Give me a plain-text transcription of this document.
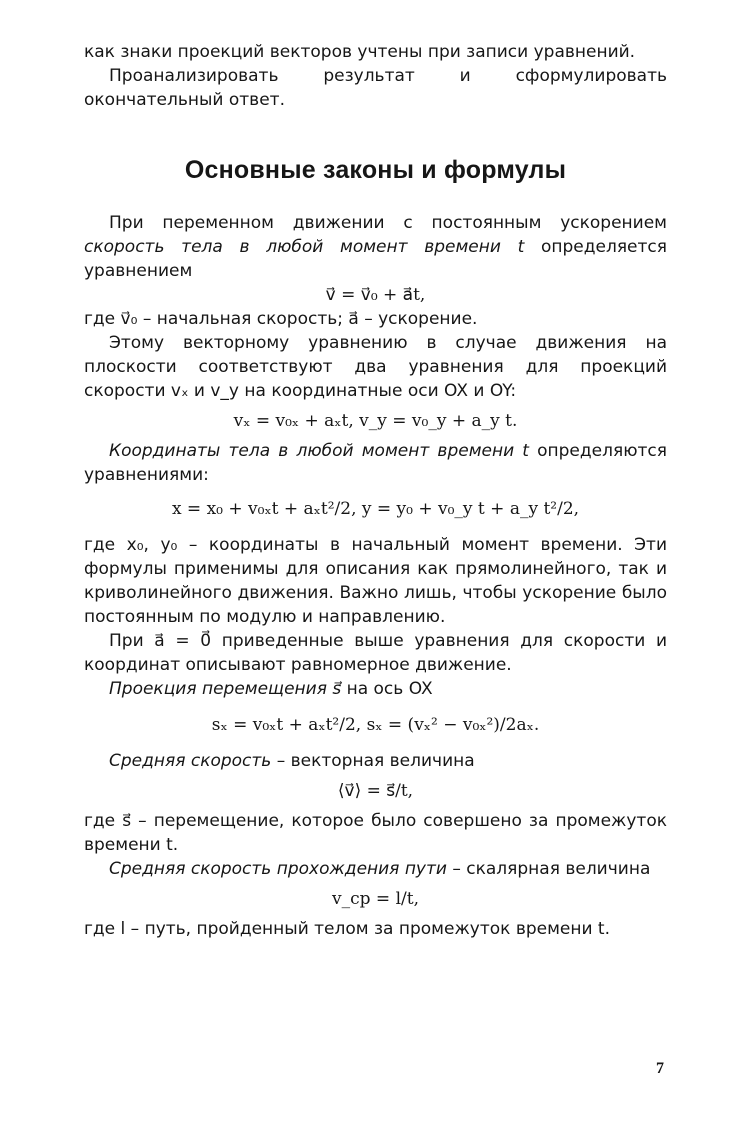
как знаки проекций векторов учтены при записи уравнений.

Проанализировать результат и сформулировать окончательный ответ.

Основные законы и формулы

При переменном движении с постоянным ускорением скорость тела в любой момент времени t определяется уравнением

v⃗ = v⃗₀ + a⃗t,

где v⃗₀ – начальная скорость; a⃗ – ускорение.

Этому векторному уравнению в случае движения на плоскости соответствуют два уравнения для проекций скорости vₓ и v_y на координатные оси OX и OY:

vₓ = v₀ₓ + aₓt, v_y = v₀_y + a_y t.

Координаты тела в любой момент времени t определяются уравнениями:

x = x₀ + v₀ₓt + aₓt²/2, y = y₀ + v₀_y t + a_y t²/2,

где x₀, y₀ – координаты в начальный момент времени. Эти формулы применимы для описания как прямолинейного, так и криволинейного движения. Важно лишь, чтобы ускорение было постоянным по модулю и направлению.

При a⃗ = 0⃗ приведенные выше уравнения для скорости и координат описывают равномерное движение.

Проекция перемещения s⃗ на ось OX

sₓ = v₀ₓt + aₓt²/2, sₓ = (vₓ² − v₀ₓ²)/2aₓ.

Средняя скорость – векторная величина

⟨v⃗⟩ = s⃗/t,

где s⃗ – перемещение, которое было совершено за промежуток времени t.

Средняя скорость прохождения пути – скалярная величина

v_ср = l/t,

где l – путь, пройденный телом за промежуток времени t.

7
